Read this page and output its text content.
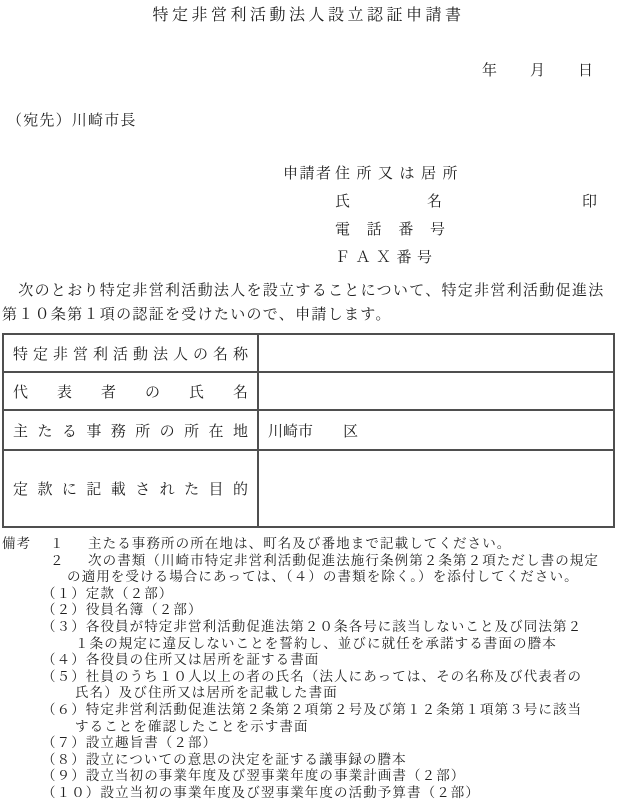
特定非営利活動法人設立認証申請書
年　　月　　日
（宛先）川崎市長
申請者 住所又は居所
氏名
電話番号
ＦＡＸ番号
印
　次のとおり特定非営利活動法人を設立することについて、特定非営利活動促進法
第１０条第１項の認証を受けたいので、申請します。
特定非営利活動法人の名称	
代表者の氏名	
主たる事務所の所在地	川崎市　　区
定款に記載された目的	
備考 １ 主たる事務所の所在地は、町名及び番地まで記載してください。
２ 次の書類（川崎市特定非営利活動促進法施行条例第２条第２項ただし書の規定
の適用を受ける場合にあっては、（４）の書類を除く。）を添付してください。
（１）定款（２部）
（２）役員名簿（２部）
（３）各役員が特定非営利活動促進法第２０条各号に該当しないこと及び同法第２
１条の規定に違反しないことを誓約し、並びに就任を承諾する書面の謄本
（４）各役員の住所又は居所を証する書面
（５）社員のうち１０人以上の者の氏名（法人にあっては、その名称及び代表者の
氏名）及び住所又は居所を記載した書面
（６）特定非営利活動促進法第２条第２項第２号及び第１２条第１項第３号に該当
することを確認したことを示す書面
（７）設立趣旨書（２部）
（８）設立についての意思の決定を証する議事録の謄本
（９）設立当初の事業年度及び翌事業年度の事業計画書（２部）
（１０）設立当初の事業年度及び翌事業年度の活動予算書（２部）
